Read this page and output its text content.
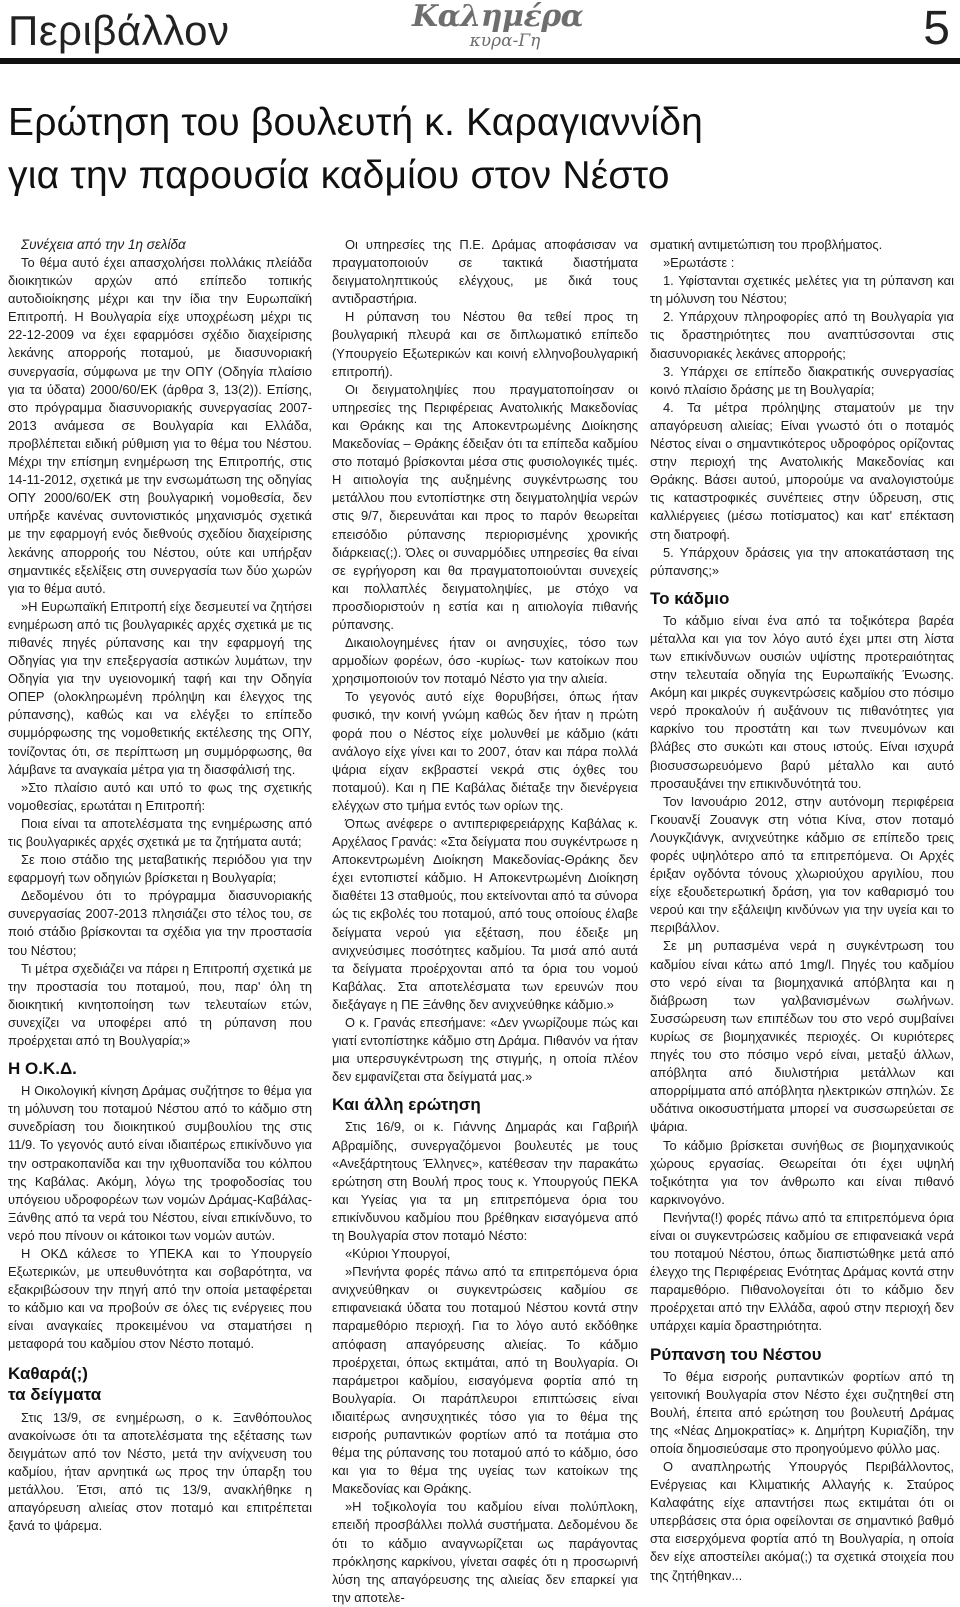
Περιβάλλον	Καλημέρα
κυρα-Γη	5
Ερώτηση του βουλευτή κ. Καραγιαννίδη
για την παρουσία καδμίου στον Νέστο

Συνέχεια από την 1η σελίδα

Το θέμα αυτό έχει απασχολήσει πολλάκις πλείάδα διοικητικών αρχών από επίπεδο τοπικής αυτοδιοίκησης μέχρι και την ίδια την Ευρωπαϊκή Επιτροπή. Η Βουλγαρία είχε υποχρέωση μέχρι τις 22-12-2009 να έχει εφαρμόσει σχέδιο διαχείρισης λεκάνης απορροής ποταμού, με διασυνοριακή συνεργασία, σύμφωνα με την ΟΠΥ (Οδηγία πλαίσιο για τα ύδατα) 2000/60/ΕΚ (άρθρα 3, 13(2)). Επίσης, στο πρόγραμμα διασυνοριακής συνεργασίας 2007-2013 ανάμεσα σε Βουλγαρία και Ελλάδα, προβλέπεται ειδική ρύθμιση για το θέμα του Νέστου. Μέχρι την επίσημη ενημέρωση της Επιτροπής, στις 14-11-2012, σχετικά με την ενσωμάτωση της οδηγίας ΟΠΥ 2000/60/ΕΚ στη βουλγαρική νομοθεσία, δεν υπήρξε κανένας συντονιστικός μηχανισμός σχετικά με την εφαρμογή ενός διεθνούς σχεδίου διαχείρισης λεκάνης απορροής του Νέστου, ούτε και υπήρξαν σημαντικές εξελίξεις στη συνεργασία των δύο χωρών για το θέμα αυτό.

»Η Ευρωπαϊκή Επιτροπή είχε δεσμευτεί να ζητήσει ενημέρωση από τις βουλγαρικές αρχές σχετικά με τις πιθανές πηγές ρύπανσης και την εφαρμογή της Οδηγίας για την επεξεργασία αστικών λυμάτων, την Οδηγία για την υγειονομική ταφή και την Οδηγία ΟΠΕΡ (ολοκληρωμένη πρόληψη και έλεγχος της ρύπανσης), καθώς και να ελέγξει το επίπεδο συμμόρφωσης της νομοθετικής εκτέλεσης της ΟΠΥ, τονίζοντας ότι, σε περίπτωση μη συμμόρφωσης, θα λάμβανε τα αναγκαία μέτρα για τη διασφάλισή της.

»Στο πλαίσιο αυτό και υπό το φως της σχετικής νομοθεσίας, ερωτάται η Επιτροπή:

Ποια είναι τα αποτελέσματα της ενημέρωσης από τις βουλγαρικές αρχές σχετικά με τα ζητήματα αυτά;

Σε ποιο στάδιο της μεταβατικής περιόδου για την εφαρμογή των οδηγιών βρίσκεται η Βουλγαρία;

Δεδομένου ότι το πρόγραμμα διασυνοριακής συνεργασίας 2007-2013 πλησιάζει στο τέλος του, σε ποιό στάδιο βρίσκονται τα σχέδια για την προστασία του Νέστου;

Τι μέτρα σχεδιάζει να πάρει η Επιτροπή σχετικά με την προστασία του ποταμού, που, παρ' όλη τη διοικητική κινητοποίηση των τελευταίων ετών, συνεχίζει να υποφέρει από τη ρύπανση που προέρχεται από τη Βουλγαρία;»

Η Ο.Κ.Δ.

Η Οικολογική κίνηση Δράμας συζήτησε το θέμα για τη μόλυνση του ποταμού Νέστου από το κάδμιο στη συνεδρίαση του διοικητικού συμβουλίου της στις 11/9. Το γεγονός αυτό είναι ιδιαιτέρως επικίνδυνο για την οστρακοπανίδα και την ιχθυοπανίδα του κόλπου της Καβάλας. Ακόμη, λόγω της τροφοδοσίας του υπόγειου υδροφορέων των νομών Δράμας-Καβάλας-Ξάνθης από τα νερά του Νέστου, είναι επικίνδυνο, το νερό που πίνουν οι κάτοικοι των νομών αυτών.

Η ΟΚΔ κάλεσε το ΥΠΕΚΑ και το Υπουργείο Εξωτερικών, με υπευθυνότητα και σοβαρότητα, να εξακριβώσουν την πηγή από την οποία μεταφέρεται το κάδμιο και να προβούν σε όλες τις ενέργειες που είναι αναγκαίες προκειμένου να σταματήσει η μεταφορά του καδμίου στον Νέστο ποταμό.

Καθαρά(;)
τα δείγματα

Στις 13/9, σε ενημέρωση, ο κ. Ξανθόπουλος ανακοίνωσε ότι τα αποτελέσματα της εξέτασης των δειγμάτων από τον Νέστο, μετά την ανίχνευση του καδμίου, ήταν αρνητικά ως προς την ύπαρξη του μετάλλου. Έτσι, από τις 13/9, ανακλήθηκε η απαγόρευση αλιείας στον ποταμό και επιτρέπεται ξανά το ψάρεμα.

Οι υπηρεσίες της Π.Ε. Δράμας αποφάσισαν να πραγματοποιούν σε τακτικά διαστήματα δειγματοληπτικούς ελέγχους, με δικά τους αντιδραστήρια.

Η ρύπανση του Νέστου θα τεθεί προς τη βουλγαρική πλευρά και σε διπλωματικό επίπεδο (Υπουργείο Εξωτερικών και κοινή ελληνοβουλγαρική επιτροπή).

Οι δειγματοληψίες που πραγματοποίησαν οι υπηρεσίες της Περιφέρειας Ανατολικής Μακεδονίας και Θράκης και της Αποκεντρωμένης Διοίκησης Μακεδονίας – Θράκης έδειξαν ότι τα επίπεδα καδμίου στο ποταμό βρίσκονται μέσα στις φυσιολογικές τιμές. Η αιτιολογία της αυξημένης συγκέντρωσης του μετάλλου που εντοπίστηκε στη δειγματοληψία νερών στις 9/7, διερευνάται και προς το παρόν θεωρείται επεισόδιο ρύπανσης περιορισμένης χρονικής διάρκειας(;). Όλες οι συναρμόδιες υπηρεσίες θα είναι σε εγρήγορση και θα πραγματοποιούνται συνεχείς και πολλαπλές δειγματοληψίες, με στόχο να προσδιοριστούν η εστία και η αιτιολογία πιθανής ρύπανσης.

Δικαιολογημένες ήταν οι ανησυχίες, τόσο των αρμοδίων φορέων, όσο -κυρίως- των κατοίκων που χρησιμοποιούν τον ποταμό Νέστο για την αλιεία.

Το γεγονός αυτό είχε θορυβήσει, όπως ήταν φυσικό, την κοινή γνώμη καθώς δεν ήταν η πρώτη φορά που ο Νέστος είχε μολυνθεί με κάδμιο (κάτι ανάλογο είχε γίνει και το 2007, όταν και πάρα πολλά ψάρια είχαν εκβραστεί νεκρά στις όχθες του ποταμού). Και η ΠΕ Καβάλας διέταξε την διενέργεια ελέγχων στο τμήμα εντός των ορίων της.

Όπως ανέφερε ο αντιπεριφερειάρχης Καβάλας κ. Αρχέλαος Γρανάς: «Στα δείγματα που συγκέντρωσε η Αποκεντρωμένη Διοίκηση Μακεδονίας-Θράκης δεν έχει εντοπιστεί κάδμιο. Η Αποκεντρωμένη Διοίκηση διαθέτει 13 σταθμούς, που εκτείνονται από τα σύνορα ώς τις εκβολές του ποταμού, από τους οποίους έλαβε δείγματα νερού για εξέταση, που έδειξε μη ανιχνεύσιμες ποσότητες καδμίου. Τα μισά από αυτά τα δείγματα προέρχονται από τα όρια του νομού Καβάλας. Στα αποτελέσματα των ερευνών που διεξάγαγε η ΠΕ Ξάνθης δεν ανιχνεύθηκε κάδμιο.»

Ο κ. Γρανάς επεσήμανε: «Δεν γνωρίζουμε πώς και γιατί εντοπίστηκε κάδμιο στη Δράμα. Πιθανόν να ήταν μια υπερσυγκέντρωση της στιγμής, η οποία πλέον δεν εμφανίζεται στα δείγματά μας.»

Και άλλη ερώτηση

Στις 16/9, οι κ. Γιάννης Δημαράς και Γαβριήλ Αβραμίδης, συνεργαζόμενοι βουλευτές με τους «Ανεξάρτητους Έλληνες», κατέθεσαν την παρακάτω ερώτηση στη Βουλή προς τους κ. Υπουργούς ΠΕΚΑ και Υγείας για τα μη επιτρεπόμενα όρια του επικίνδυνου καδμίου που βρέθηκαν εισαγόμενα από τη Βουλγαρία στον ποταμό Νέστο:

«Κύριοι Υπουργοί,

»Πενήντα φορές πάνω από τα επιτρεπόμενα όρια ανιχνεύθηκαν οι συγκεντρώσεις καδμίου σε επιφανειακά ύδατα του ποταμού Νέστου κοντά στην παραμεθόριο περιοχή. Για το λόγο αυτό εκδόθηκε απόφαση απαγόρευσης αλιείας. Το κάδμιο προέρχεται, όπως εκτιμάται, από τη Βουλγαρία. Οι παράμετροι καδμίου, εισαγόμενα φορτία από τη Βουλγαρία. Οι παράπλευροι επιπτώσεις είναι ιδιαιτέρως ανησυχητικές τόσο για το θέμα της εισροής ρυπαντικών φορτίων από τα ποτάμια στο θέμα της ρύπανσης του ποταμού από το κάδμιο, όσο και για το θέμα της υγείας των κατοίκων της Μακεδονίας και Θράκης.

»Η τοξικολογία του καδμίου είναι πολύπλοκη, επειδή προσβάλλει πολλά συστήματα. Δεδομένου δε ότι το κάδμιο αναγνωρίζεται ως παράγοντας πρόκλησης καρκίνου, γίνεται σαφές ότι η προσωρινή λύση της απαγόρευσης της αλιείας δεν επαρκεί για την αποτελε-

σματική αντιμετώπιση του προβλήματος.

»Ερωτάστε :

1. Υφίστανται σχετικές μελέτες για τη ρύπανση και τη μόλυνση του Νέστου;

2. Υπάρχουν πληροφορίες από τη Βουλγαρία για τις δραστηριότητες που αναπτύσσονται στις διασυνοριακές λεκάνες απορροής;

3. Υπάρχει σε επίπεδο διακρατικής συνεργασίας κοινό πλαίσιο δράσης με τη Βουλγαρία;

4. Τα μέτρα πρόληψης σταματούν με την απαγόρευση αλιείας; Είναι γνωστό ότι ο ποταμός Νέστος είναι ο σημαντικότερος υδροφόρος ορίζοντας στην περιοχή της Ανατολικής Μακεδονίας και Θράκης. Βάσει αυτού, μπορούμε να αναλογιστούμε τις καταστροφικές συνέπειες στην ύδρευση, στις καλλιέργειες (μέσω ποτίσματος) και κατ' επέκταση στη διατροφή.

5. Υπάρχουν δράσεις για την αποκατάσταση της ρύπανσης;»

Το κάδμιο

Το κάδμιο είναι ένα από τα τοξικότερα βαρέα μέταλλα και για τον λόγο αυτό έχει μπει στη λίστα των επικίνδυνων ουσιών υψίστης προτεραιότητας στην τελευταία οδηγία της Ευρωπαϊκής Ένωσης. Ακόμη και μικρές συγκεντρώσεις καδμίου στο πόσιμο νερό προκαλούν ή αυξάνουν τις πιθανότητες για καρκίνο του προστάτη και των πνευμόνων και βλάβες στο συκώτι και στους ιστούς. Είναι ισχυρά βιοσυσσωρευόμενο βαρύ μέταλλο και αυτό προσαυξάνει την επικινδυνότητά του.

Τον Ιανουάριο 2012, στην αυτόνομη περιφέρεια Γκουανξί Ζουανγκ στη νότια Κίνα, στον ποταμό Λουγκζιάνγκ, ανιχνεύτηκε κάδμιο σε επίπεδο τρεις φορές υψηλότερο από τα επιτρεπόμενα. Οι Αρχές έριξαν ογδόντα τόνους χλωριούχου αργιλίου, που είχε εξουδετερωτική δράση, για τον καθαρισμό του νερού και την εξάλειψη κινδύνων για την υγεία και το περιβάλλον.

Σε μη ρυπασμένα νερά η συγκέντρωση του καδμίου είναι κάτω από 1mg/l. Πηγές του καδμίου στο νερό είναι τα βιομηχανικά απόβλητα και η διάβρωση των γαλβανισμένων σωλήνων. Συσσώρευση των επιπέδων του στο νερό συμβαίνει κυρίως σε βιομηχανικές περιοχές. Οι κυριότερες πηγές του στο πόσιμο νερό είναι, μεταξύ άλλων, απόβλητα από διυλιστήρια μετάλλων και απορρίμματα από απόβλητα ηλεκτρικών σπηλών. Σε υδάτινα οικοσυστήματα μπορεί να συσσωρεύεται σε ψάρια.

Το κάδμιο βρίσκεται συνήθως σε βιομηχανικούς χώρους εργασίας. Θεωρείται ότι έχει υψηλή τοξικότητα για τον άνθρωπο και είναι πιθανό καρκινογόνο.

Πενήντα(!) φορές πάνω από τα επιτρεπόμενα όρια είναι οι συγκεντρώσεις καδμίου σε επιφανειακά νερά του ποταμού Νέστου, όπως διαπιστώθηκε μετά από έλεγχο της Περιφέρειας Ενότητας Δράμας κοντά στην παραμεθόριο. Πιθανολογείται ότι το κάδμιο δεν προέρχεται από την Ελλάδα, αφού στην περιοχή δεν υπάρχει καμία δραστηριότητα.

Ρύπανση του Νέστου

Το θέμα εισροής ρυπαντικών φορτίων από τη γειτονική Βουλγαρία στον Νέστο έχει συζητηθεί στη Βουλή, έπειτα από ερώτηση του βουλευτή Δράμας της «Νέας Δημοκρατίας» κ. Δημήτρη Κυριαζίδη, την οποία δημοσιεύσαμε στο προηγούμενο φύλλο μας.

Ο αναπληρωτής Υπουργός Περιβάλλοντος, Ενέργειας και Κλιματικής Αλλαγής κ. Σταύρος Καλαφάτης είχε απαντήσει πως εκτιμάται ότι οι υπερβάσεις στα όρια οφείλονται σε σημαντικό βαθμό στα εισερχόμενα φορτία από τη Βουλγαρία, η οποία δεν είχε αποστείλει ακόμα(;) τα σχετικά στοιχεία που της ζητήθηκαν...
